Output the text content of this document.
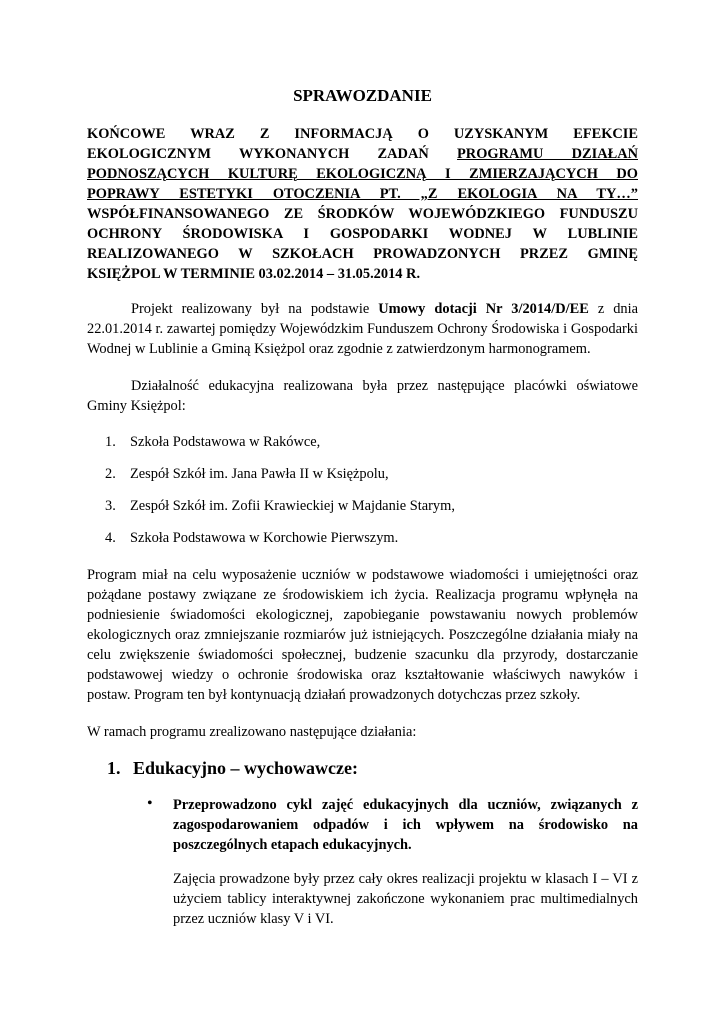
SPRAWOZDANIE
KOŃCOWE WRAZ Z INFORMACJĄ O UZYSKANYM EFEKCIE
EKOLOGICZNYM WYKONANYCH ZADAŃ PROGRAMU DZIAŁAŃ
PODNOSZĄCYCH KULTURĘ EKOLOGICZNĄ I ZMIERZAJĄCYCH DO
POPRAWY ESTETYKI OTOCZENIA PT. „Z EKOLOGIA NA TY…”
WSPÓŁFINANSOWANEGO ZE ŚRODKÓW WOJEWÓDZKIEGO FUNDUSZU
OCHRONY ŚRODOWISKA I GOSPODARKI WODNEJ W LUBLINIE
REALIZOWANEGO W SZKOŁACH PROWADZONYCH PRZEZ GMINĘ
KSIĘŻPOL W TERMINIE 03.02.2014 – 31.05.2014 R.

Projekt realizowany był na podstawie Umowy dotacji Nr 3/2014/D/EE z dnia 22.01.2014 r. zawartej pomiędzy Wojewódzkim Funduszem Ochrony Środowiska i Gospodarki Wodnej w Lublinie a Gminą Księżpol oraz zgodnie z zatwierdzonym harmonogramem.

Działalność edukacyjna realizowana była przez następujące placówki oświatowe Gminy Księżpol:

1. Szkoła Podstawowa w Rakówce,
2. Zespół Szkół im. Jana Pawła II w Księżpolu,
3. Zespół Szkół im. Zofii Krawieckiej w Majdanie Starym,
4. Szkoła Podstawowa w Korchowie Pierwszym.

Program miał na celu wyposażenie uczniów w podstawowe wiadomości i umiejętności oraz pożądane postawy związane ze środowiskiem ich życia. Realizacja programu wpłynęła na podniesienie świadomości ekologicznej, zapobieganie powstawaniu nowych problemów ekologicznych oraz zmniejszanie rozmiarów już istniejących. Poszczególne działania miały na celu zwiększenie świadomości społecznej, budzenie szacunku dla przyrody, dostarczanie podstawowej wiedzy o ochronie środowiska oraz kształtowanie właściwych nawyków i postaw. Program ten był kontynuacją działań prowadzonych dotychczas przez szkoły.

W ramach programu zrealizowano następujące działania:

1. Edukacyjno – wychowawcze:
• Przeprowadzono cykl zajęć edukacyjnych dla uczniów, związanych z zagospodarowaniem odpadów i ich wpływem na środowisko na poszczególnych etapach edukacyjnych.

Zajęcia prowadzone były przez cały okres realizacji projektu w klasach I – VI z użyciem tablicy interaktywnej zakończone wykonaniem prac multimedialnych przez uczniów klasy V i VI.
